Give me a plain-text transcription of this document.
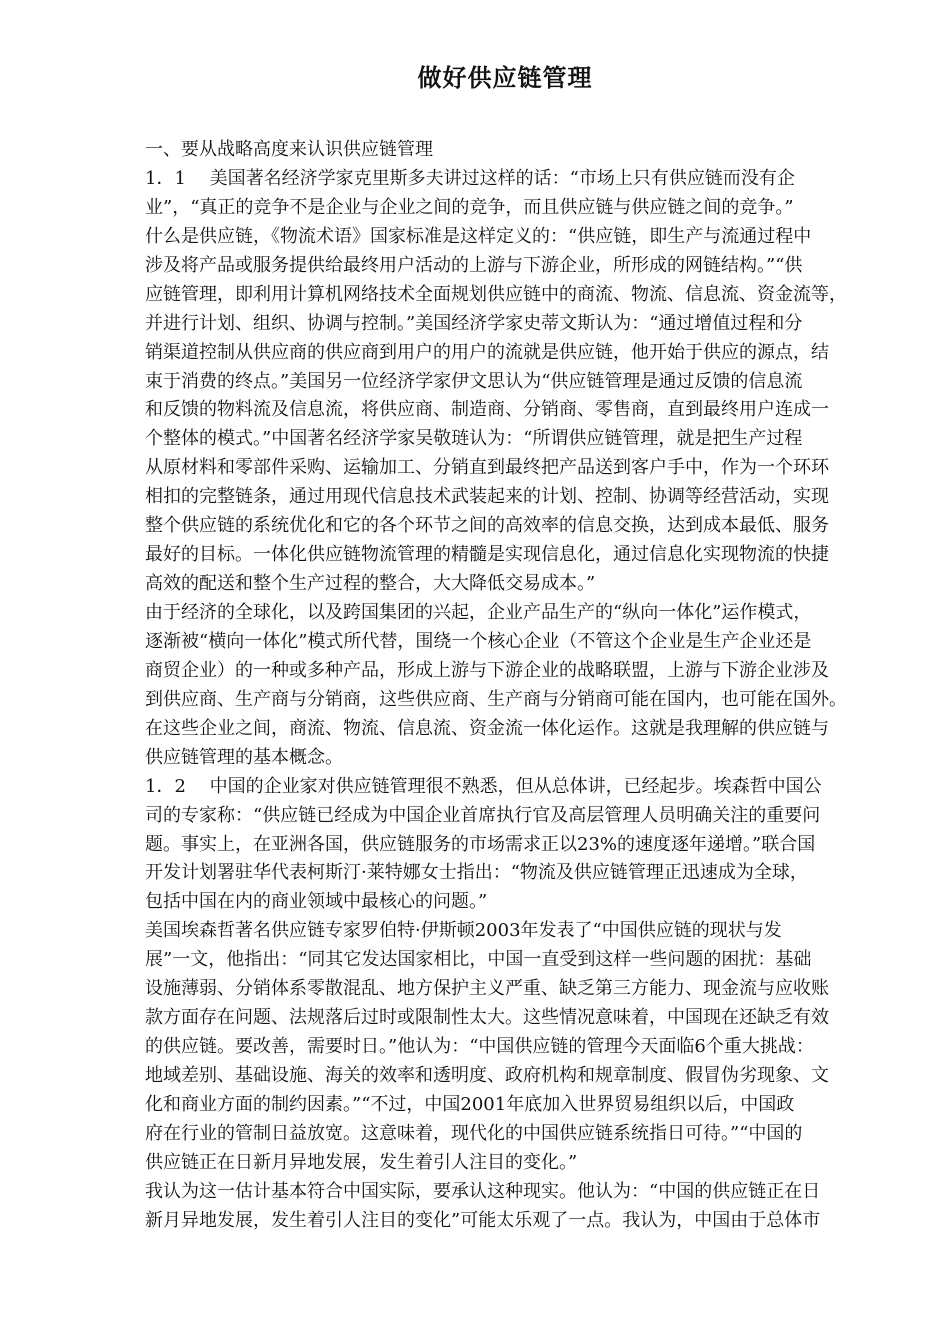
做好供应链管理
一、要从战略高度来认识供应链管理
1．1　 美国著名经济学家克里斯多夫讲过这样的话：“市场上只有供应链而没有企
业”，“真正的竞争不是企业与企业之间的竞争，而且供应链与供应链之间的竞争。”
什么是供应链，《物流术语》国家标准是这样定义的：“供应链，即生产与流通过程中
涉及将产品或服务提供给最终用户活动的上游与下游企业，所形成的网链结构。”“供
应链管理，即利用计算机网络技术全面规划供应链中的商流、物流、信息流、资金流等，
并进行计划、组织、协调与控制。”美国经济学家史蒂文斯认为：“通过增值过程和分
销渠道控制从供应商的供应商到用户的用户的流就是供应链，他开始于供应的源点，结
束于消费的终点。”美国另一位经济学家伊文思认为“供应链管理是通过反馈的信息流
和反馈的物料流及信息流，将供应商、制造商、分销商、零售商，直到最终用户连成一
个整体的模式。”中国著名经济学家吴敬琏认为：“所谓供应链管理，就是把生产过程
从原材料和零部件采购、运输加工、分销直到最终把产品送到客户手中，作为一个环环
相扣的完整链条，通过用现代信息技术武装起来的计划、控制、协调等经营活动，实现
整个供应链的系统优化和它的各个环节之间的高效率的信息交换，达到成本最低、服务
最好的目标。一体化供应链物流管理的精髓是实现信息化，通过信息化实现物流的快捷
高效的配送和整个生产过程的整合，大大降低交易成本。”
由于经济的全球化，以及跨国集团的兴起，企业产品生产的“纵向一体化”运作模式，
逐渐被“横向一体化”模式所代替，围绕一个核心企业（不管这个企业是生产企业还是
商贸企业）的一种或多种产品，形成上游与下游企业的战略联盟，上游与下游企业涉及
到供应商、生产商与分销商，这些供应商、生产商与分销商可能在国内，也可能在国外。
在这些企业之间，商流、物流、信息流、资金流一体化运作。这就是我理解的供应链与
供应链管理的基本概念。
1．2　 中国的企业家对供应链管理很不熟悉，但从总体讲，已经起步。埃森哲中国公
司的专家称：“供应链已经成为中国企业首席执行官及高层管理人员明确关注的重要问
题。事实上，在亚洲各国，供应链服务的市场需求正以23%的速度逐年递增。”联合国
开发计划署驻华代表柯斯汀·莱特娜女士指出：“物流及供应链管理正迅速成为全球，
包括中国在内的商业领域中最核心的问题。”
美国埃森哲著名供应链专家罗伯特·伊斯顿2003年发表了“中国供应链的现状与发
展”一文，他指出：“同其它发达国家相比，中国一直受到这样一些问题的困扰：基础
设施薄弱、分销体系零散混乱、地方保护主义严重、缺乏第三方能力、现金流与应收账
款方面存在问题、法规落后过时或限制性太大。这些情况意味着，中国现在还缺乏有效
的供应链。要改善，需要时日。”他认为：“中国供应链的管理今天面临6个重大挑战：
地域差别、基础设施、海关的效率和透明度、政府机构和规章制度、假冒伪劣现象、文
化和商业方面的制约因素。”“不过，中国2001年底加入世界贸易组织以后，中国政
府在行业的管制日益放宽。这意味着，现代化的中国供应链系统指日可待。”“中国的
供应链正在日新月异地发展，发生着引人注目的变化。”
我认为这一估计基本符合中国实际，要承认这种现实。他认为：“中国的供应链正在日
新月异地发展，发生着引人注目的变化”可能太乐观了一点。我认为，中国由于总体市
